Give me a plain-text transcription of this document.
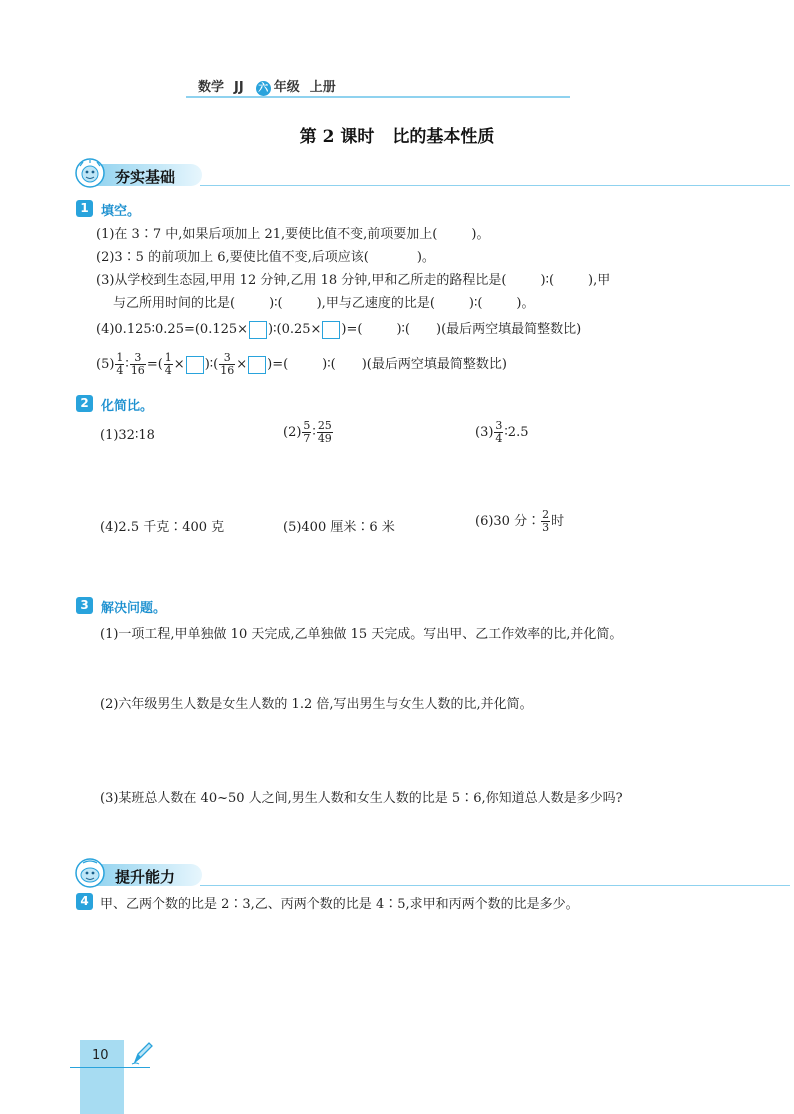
数学 JJ 六 年级 上册
第 2 课时 比的基本性质
夯实基础
1 填空。
(1)在 3∶7 中,如果后项加上 21,要使比值不变,前项要加上(	)。
(2)3∶5 的前项加上 6,要使比值不变,后项应该(	)。
(3)从学校到生态园,甲用 12 分钟,乙用 18 分钟,甲和乙所走的路程比是(	)∶(	),甲
与乙所用时间的比是(	)∶(	),甲与乙速度的比是(	)∶(	)。
(4)0.125∶0.25=(0.125× )∶(0.25× )=(	)∶( )(最后两空填最简整数比)
$(5) \frac{1}{4}$ ∶ $\frac{3}{16}$ =( $\frac{1}{4}$ × )∶( $\frac{3}{16}$ × )=(	)∶( )(最后两空填最简整数比)
2 化简比。
(1)32∶18	$(2) \frac{5}{7}$ ∶ $\frac{25}{49}$	$(3) \frac{3}{4}$ ∶2.5
(4)2.5 千克∶400 克	(5)400 厘米∶6 米	(6)30 分∶ $\frac{2}{3}$ 时
3 解决问题。
(1)一项工程,甲单独做 10 天完成,乙单独做 15 天完成。写出甲、乙工作效率的比,并化简。
(2)六年级男生人数是女生人数的 1.2 倍,写出男生与女生人数的比,并化简。
(3)某班总人数在 40~50 人之间,男生人数和女生人数的比是 5∶6,你知道总人数是多少吗?
提升能力
4 甲、乙两个数的比是 2∶3,乙、丙两个数的比是 4∶5,求甲和丙两个数的比是多少。
10
